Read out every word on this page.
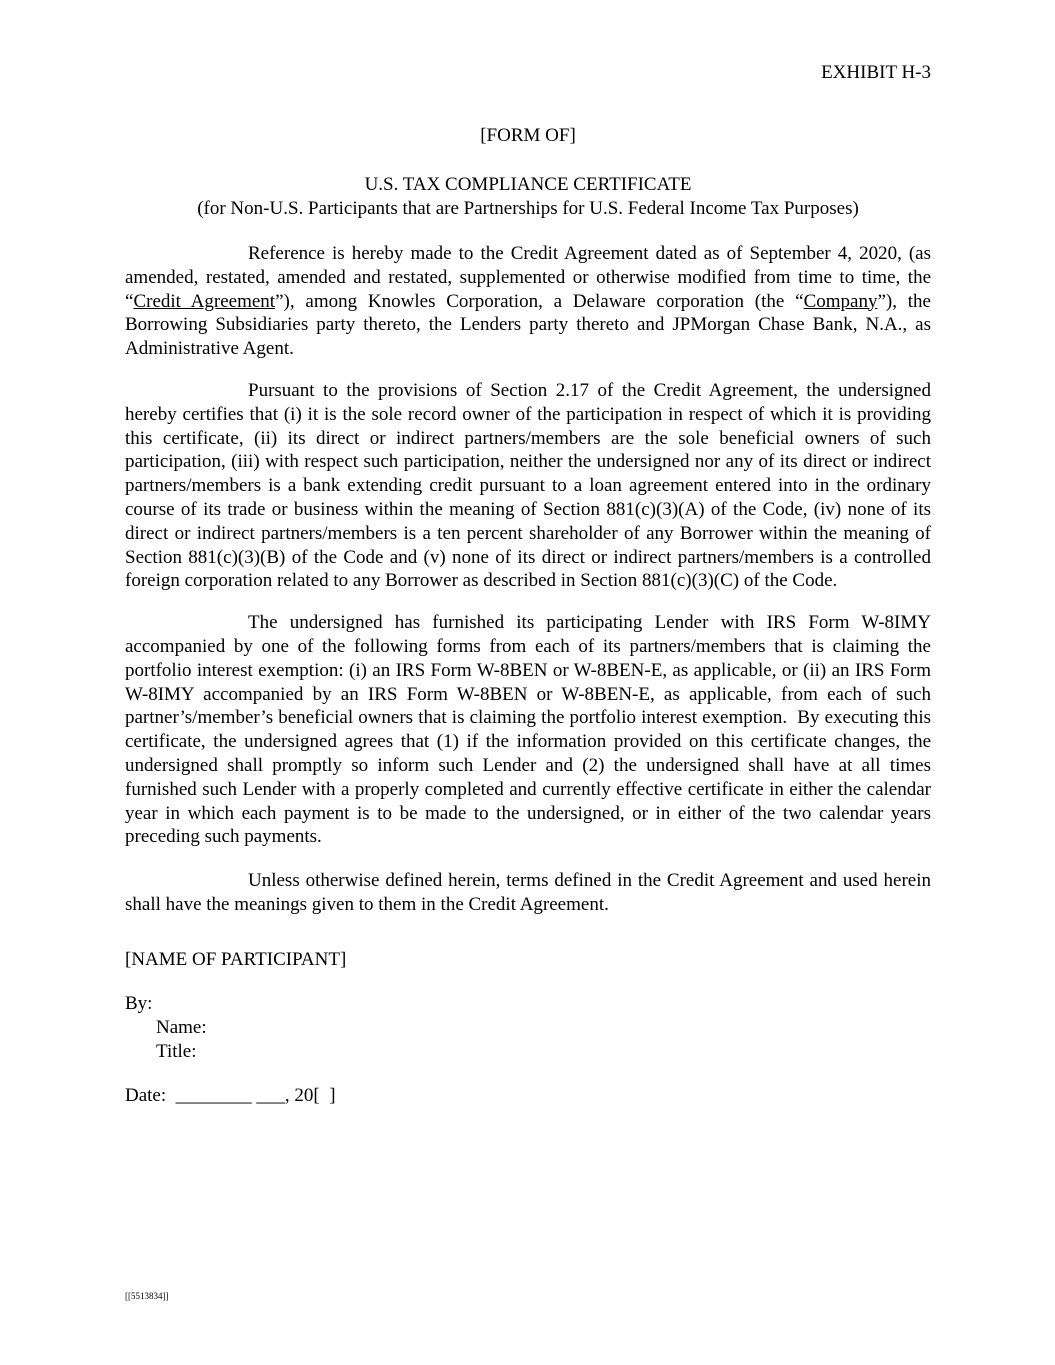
EXHIBIT H-3
[FORM OF]
U.S. TAX COMPLIANCE CERTIFICATE
(for Non-U.S. Participants that are Partnerships for U.S. Federal Income Tax Purposes)

Reference is hereby made to the Credit Agreement dated as of September 4, 2020, (as amended, restated, amended and restated, supplemented or otherwise modified from time to time, the “Credit Agreement”), among Knowles Corporation, a Delaware corporation (the “Company”), the Borrowing Subsidiaries party thereto, the Lenders party thereto and JPMorgan Chase Bank, N.A., as Administrative Agent.

Pursuant to the provisions of Section 2.17 of the Credit Agreement, the undersigned hereby certifies that (i) it is the sole record owner of the participation in respect of which it is providing this certificate, (ii) its direct or indirect partners/members are the sole beneficial owners of such participation, (iii) with respect such participation, neither the undersigned nor any of its direct or indirect partners/members is a bank extending credit pursuant to a loan agreement entered into in the ordinary course of its trade or business within the meaning of Section 881(c)(3)(A) of the Code, (iv) none of its direct or indirect partners/members is a ten percent shareholder of any Borrower within the meaning of Section 881(c)(3)(B) of the Code and (v) none of its direct or indirect partners/members is a controlled foreign corporation related to any Borrower as described in Section 881(c)(3)(C) of the Code.

The undersigned has furnished its participating Lender with IRS Form W-8IMY accompanied by one of the following forms from each of its partners/members that is claiming the portfolio interest exemption: (i) an IRS Form W-8BEN or W-8BEN-E, as applicable, or (ii) an IRS Form W-8IMY accompanied by an IRS Form W-8BEN or W-8BEN-E, as applicable, from each of such partner’s/member’s beneficial owners that is claiming the portfolio interest exemption.  By executing this certificate, the undersigned agrees that (1) if the information provided on this certificate changes, the undersigned shall promptly so inform such Lender and (2) the undersigned shall have at all times furnished such Lender with a properly completed and currently effective certificate in either the calendar year in which each payment is to be made to the undersigned, or in either of the two calendar years preceding such payments.

Unless otherwise defined herein, terms defined in the Credit Agreement and used herein shall have the meanings given to them in the Credit Agreement.

[NAME OF PARTICIPANT]
By:
Name:
Title:
Date:  ________ ___, 20[  ]
[[5513834]]
